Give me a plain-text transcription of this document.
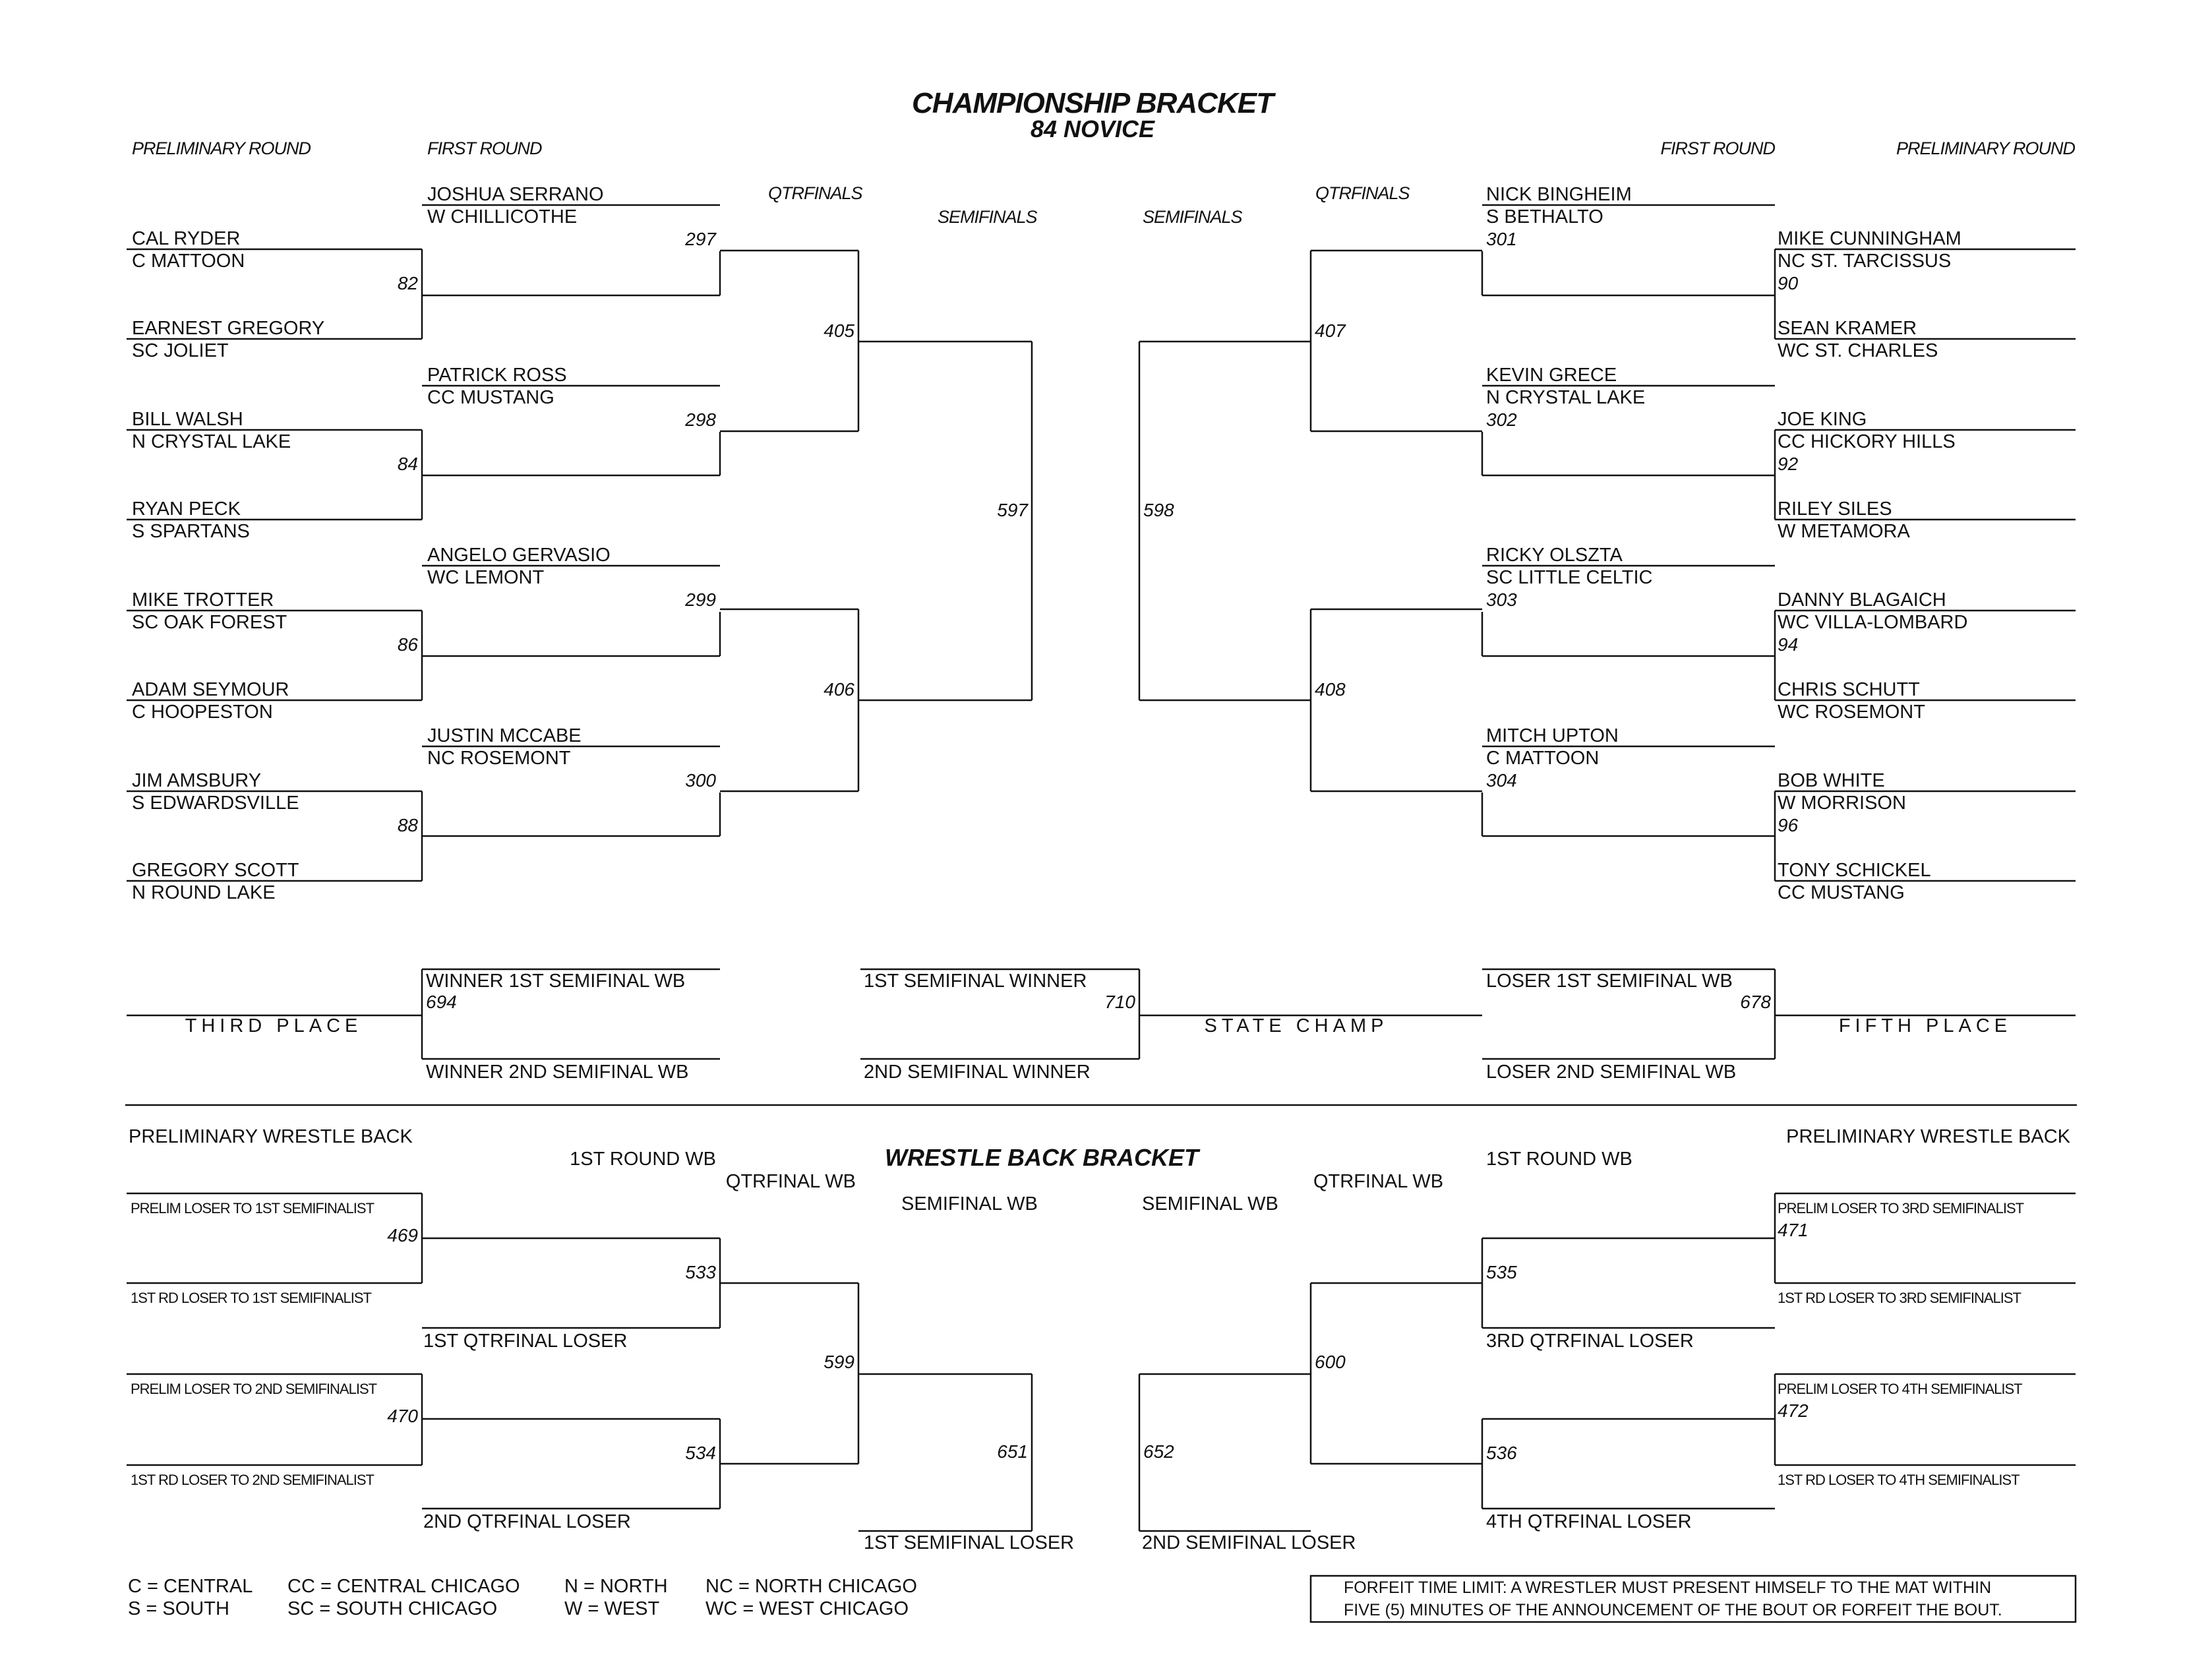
CHAMPIONSHIP BRACKET
84 NOVICE
PRELIMINARY ROUND	FIRST ROUND
QTRFINALS
SEMIFINALS	SEMIFINALS
QTRFINALS
FIRST ROUND	PRELIMINARY ROUND
CAL RYDER
C MATTOON
EARNEST GREGORY
SC JOLIET
BILL WALSH
N CRYSTAL LAKE
RYAN PECK
S SPARTANS
MIKE TROTTER
SC OAK FOREST
ADAM SEYMOUR
C HOOPESTON
JIM AMSBURY
S EDWARDSVILLE
GREGORY SCOTT
N ROUND LAKE
82
84
86
88
JOSHUA SERRANO
W CHILLICOTHE
297
PATRICK ROSS
CC MUSTANG
298
ANGELO GERVASIO
WC LEMONT
299
JUSTIN MCCABE
NC ROSEMONT
300
405
406
597
MIKE CUNNINGHAM
NC ST. TARCISSUS
SEAN KRAMER
WC ST. CHARLES
JOE KING
CC HICKORY HILLS
RILEY SILES
W METAMORA
DANNY BLAGAICH
WC VILLA-LOMBARD
CHRIS SCHUTT
WC ROSEMONT
BOB WHITE
W MORRISON
TONY SCHICKEL
CC MUSTANG
90
92
94
96
NICK BINGHEIM
S BETHALTO
301
KEVIN GRECE
N CRYSTAL LAKE
302
RICKY OLSZTA
SC LITTLE CELTIC
303
MITCH UPTON
C MATTOON
304
407
408
598
THIRD PLACE
WINNER 1ST SEMIFINAL WB
694
WINNER 2ND SEMIFINAL WB
1ST SEMIFINAL WINNER
710
2ND SEMIFINAL WINNER
STATE CHAMP
LOSER 1ST SEMIFINAL WB
678
LOSER 2ND SEMIFINAL WB
FIFTH PLACE
WRESTLE BACK BRACKET
PRELIMINARY WRESTLE BACK	PRELIMINARY WRESTLE BACK
1ST ROUND WB	1ST ROUND WB
QTRFINAL WB	QTRFINAL WB
SEMIFINAL WB	SEMIFINAL WB
PRELIM LOSER TO 1ST SEMIFINALIST
1ST RD LOSER TO 1ST SEMIFINALIST
469
PRELIM LOSER TO 2ND SEMIFINALIST
1ST RD LOSER TO 2ND SEMIFINALIST
470
533
1ST QTRFINAL LOSER
534
2ND QTRFINAL LOSER
599
651
1ST SEMIFINAL LOSER
PRELIM LOSER TO 3RD SEMIFINALIST
1ST RD LOSER TO 3RD SEMIFINALIST
471
PRELIM LOSER TO 4TH SEMIFINALIST
1ST RD LOSER TO 4TH SEMIFINALIST
472
535
3RD QTRFINAL LOSER
536
4TH QTRFINAL LOSER
600
652
2ND SEMIFINAL LOSER
C = CENTRAL CC = CENTRAL CHICAGO N = NORTH NC = NORTH CHICAGO
S = SOUTH	SC = SOUTH CHICAGO	W = WEST WC = WEST CHICAGO
FORFEIT TIME LIMIT: A WRESTLER MUST PRESENT HIMSELF TO THE MAT WITHIN
FIVE (5) MINUTES OF THE ANNOUNCEMENT OF THE BOUT OR FORFEIT THE BOUT.
